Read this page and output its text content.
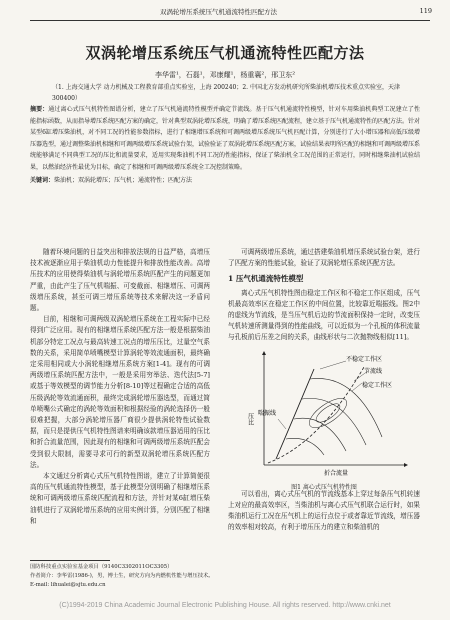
双涡轮增压系统压气机通流特性匹配方法	119
双涡轮增压系统压气机通流特性匹配方法
李华雷¹，石磊¹，邓康耀¹，杨重襄²，邢卫东²
（1. 上海交通大学 动力机械及工程教育部重点实验室，上海 200240；2. 中国北方发动机研究所柴油机增压技术重点实验室，天津 300400）
摘要：通过离心式压气机特性图谱分析，建立了压气机通流特性模型并确定节流线。基于压气机通流特性模型，针对车用柴油机典型工况建立了性能指标函数，从而指导增压系统匹配方案的确定，针对典型双涡轮增压系统，明确了增压系统匹配流程，建立基于压气机通流特性的匹配方法。针对某型6缸增压柴油机，对不同工况的性能参数指标，进行了相继增压系统和可调两级增压系统压气机匹配计算，分别进行了大小增压器和高低压级增压器选型，通过调整柴油机相继和可调两级增压系统试验台架，试验验证了双涡轮增压系统匹配方案，试验结果表明所匹配的相继和可调两级增压系统能够满足不同典型工况的压比和流量要求，适用实现柴油机不同工况的性能指标，保证了柴油机全工况范围的正常运行，同时相继柴油机试验结果，以燃油经济性最优为目标，确定了相继和可调两级增压系统全工况控制策略。
关键词：柴油机；双涡轮增压；压气机；通流特性；匹配方法

随着环境问题的日益突出和排放法规的日益严格，高增压技术被逐渐应用于柴油机动力性能提升和排放性能改善。高增压技术的应用使得柴油机与涡轮增压系统匹配产生的问题更加严重，由此产生了压气机喘振、可变截面、相继增压、可调两级增压系统，甚至可调三增压系统等技术来解决这一矛盾问题。

目前，相继和可调两级双涡轮增压系统在工程实际中已经得到广泛应用。现有的相继增压系统匹配方法一般是根据柴油机部分特定工况点与最高转速工况点的增压压比，过量空气系数的关系，采用简单喷嘴模型计算涡轮等效流通面积，最终确定采用相同或大小涡轮相继增压系统方案[1-4]。现有的可调两级增压系统匹配方法中，一般是采用穷举法、迭代法[5-7]或基于等效模型的调节能力分析[8-10]等过程确定合适的高低压级涡轮等效流通面积，最终完成涡轮增压器选型，而通过简单喷嘴公式确定的涡轮等效面积和根据经验的涡轮选择仍一般很难把握，大部分涡轮增压器厂商很少提供涡轮特性试验数据，而只是提供压气机特性图谱来明确该款增压器适用的压比和折合流量范围，因此现有的相继和可调两级增压系统匹配会受到很大限制，需要寻求可行的新型双涡轮增压系统匹配方法。

本文通过分析离心式压气机特性图谱，建立了计算简便很高的压气机通流特性模型，基于此模型分别明确了相继增压系统和可调两级增压系统匹配流程和方法，并针对某6缸增压柴油机进行了双涡轮增压系统的应用实例计算，分别匹配了相继和

可调两级增压系统，通过搭建柴油机增压系统试验台架，进行了匹配方案的性能试验，验证了双涡轮增压系统匹配方法。

1 压气机通流特性模型

离心式压气机特性图由稳定工作区和不稳定工作区组成，压气机最高效率区在稳定工作区的中间位置，比较靠近喘振线。图2中的虚线为节流线，是当压气机后边的节流面积保持一定时，改变压气机转速所测量得到的性能曲线，可以近似为一个孔板的体积流量与孔板前后压差之间的关系，曲线形状与二次抛物线相似[11]。

不稳定工作区
节流线
稳定工作区
喘振线
压比
折合流量
图1 离心式压气机特性图

可以看出，离心式压气机的节流线基本上穿过每条压气机转速上对应的最高效率区，当柴油机与离心式压气机联合运行时，如果柴油机运行工况在压气机上的运行点位于或者靠近节流线，增压器的效率相对较高，有利于增压压力的建立和柴油机的

国防科技重点实验室基金项目（9140C3302011OC3305）
作者简介：李华雷(1986-)，男，博士生，研究方向为内燃机性能与增压技术。
E-mail: lihualei@sjtu.edu.cn
(C)1994-2019 China Academic Journal Electronic Publishing House. All rights reserved. http://www.cnki.net
